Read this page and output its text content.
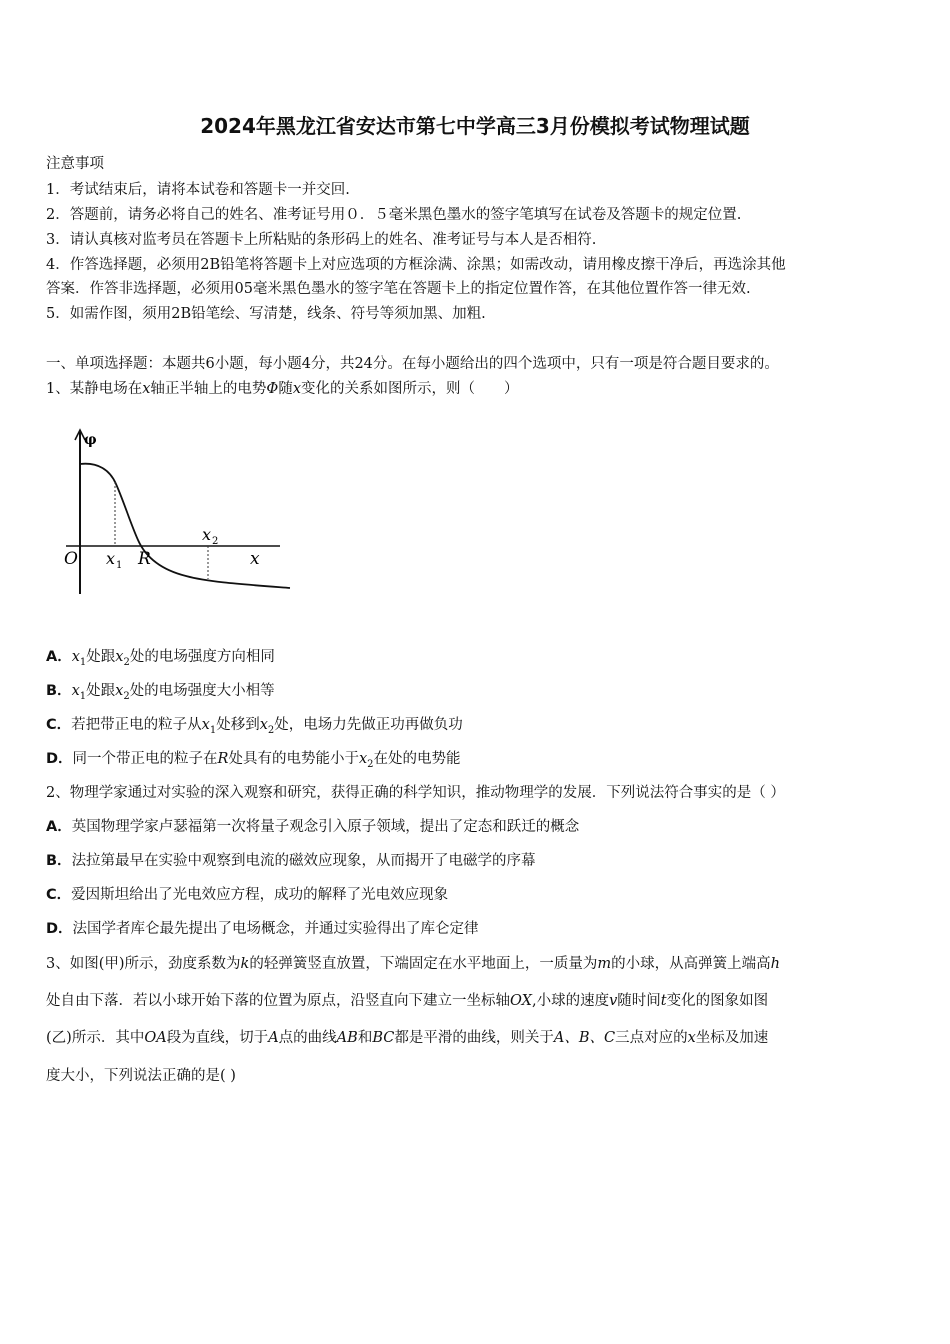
2024年黑龙江省安达市第七中学高三3月份模拟考试物理试题
注意事项
1．考试结束后，请将本试卷和答题卡一并交回.
2．答题前，请务必将自己的姓名、准考证号用０．５毫米黑色墨水的签字笔填写在试卷及答题卡的规定位置.
3．请认真核对监考员在答题卡上所粘贴的条形码上的姓名、准考证号与本人是否相符.
4．作答选择题，必须用2B铅笔将答题卡上对应选项的方框涂满、涂黑；如需改动，请用橡皮擦干净后，再选涂其他
答案．作答非选择题，必须用05毫米黑色墨水的签字笔在答题卡上的指定位置作答，在其他位置作答一律无效.
5．如需作图，须用2B铅笔绘、写清楚，线条、符号等须加黑、加粗.
一、单项选择题：本题共6小题，每小题4分，共24分。在每小题给出的四个选项中，只有一项是符合题目要求的。
1、某静电场在x轴正半轴上的电势Φ随x变化的关系如图所示，则（　　）
φ
O	x
x 1 R
x 2
A．$x_1$处跟$x_2$处的电场强度方向相同
B．$x_1$处跟$x_2$处的电场强度大小相等
C．若把带正电的粒子从$x_1$处移到$x_2$处，电场力先做正功再做负功
D．同一个带正电的粒子在R处具有的电势能小于$x_2$在处的电势能
2、物理学家通过对实验的深入观察和研究，获得正确的科学知识，推动物理学的发展．下列说法符合事实的是（ ）
A．英国物理学家卢瑟福第一次将量子观念引入原子领域，提出了定态和跃迁的概念
B．法拉第最早在实验中观察到电流的磁效应现象，从而揭开了电磁学的序幕
C．爱因斯坦给出了光电效应方程，成功的解释了光电效应现象
D．法国学者库仑最先提出了电场概念，并通过实验得出了库仑定律
3、如图(甲)所示，劲度系数为k的轻弹簧竖直放置，下端固定在水平地面上，一质量为m的小球，从高弹簧上端高h
处自由下落．若以小球开始下落的位置为原点，沿竖直向下建立一坐标轴OX,小球的速度v随时间t变化的图象如图
(乙)所示．其中OA段为直线，切于A点的曲线AB和BC都是平滑的曲线，则关于A、B、C三点对应的x坐标及加速
度大小，下列说法正确的是( )
